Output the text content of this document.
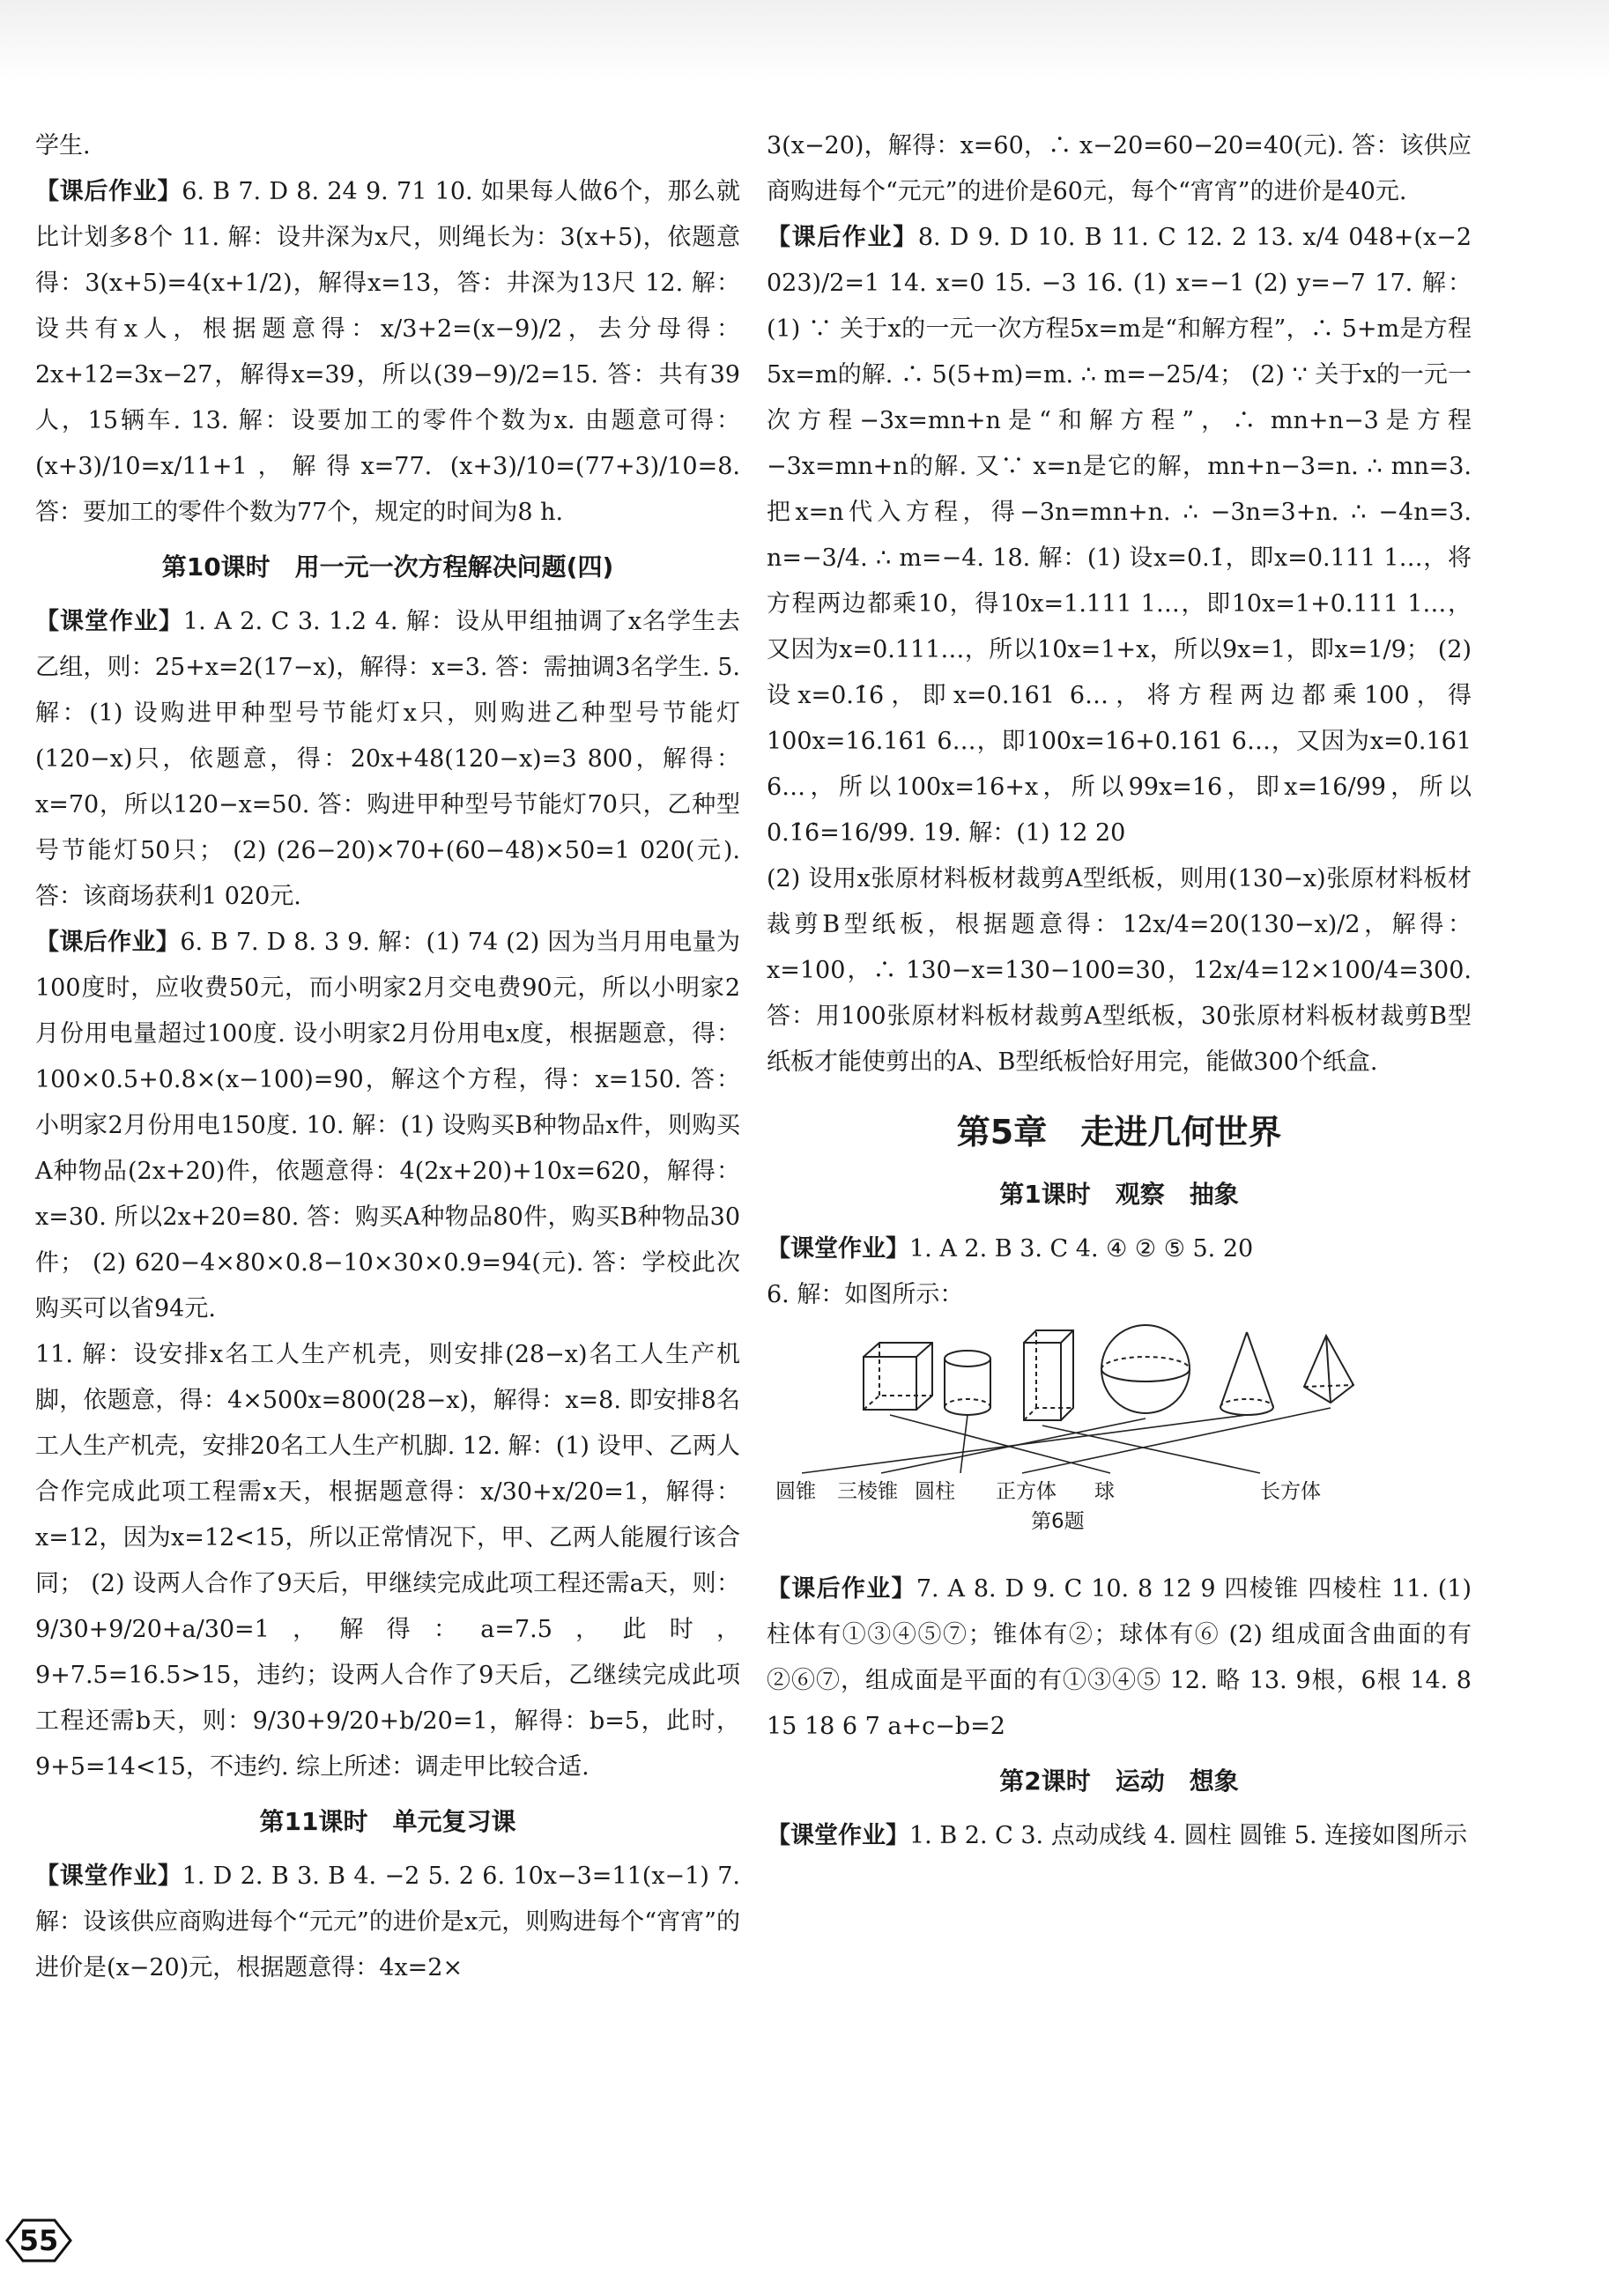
学生.

【课后作业】6. B 7. D 8. 24 9. 71 10. 如果每人做6个，那么就比计划多8个 11. 解：设井深为x尺，则绳长为：3(x+5)，依题意得：3(x+5)=4(x+1/2)，解得x=13，答：井深为13尺 12. 解：设共有x人，根据题意得：x/3+2=(x−9)/2，去分母得：2x+12=3x−27，解得x=39，所以(39−9)/2=15. 答：共有39人，15辆车. 13. 解：设要加工的零件个数为x. 由题意可得：(x+3)/10=x/11+1，解得x=77. (x+3)/10=(77+3)/10=8. 答：要加工的零件个数为77个，规定的时间为8 h.

第10课时　用一元一次方程解决问题(四)

【课堂作业】1. A 2. C 3. 1.2 4. 解：设从甲组抽调了x名学生去乙组，则：25+x=2(17−x)，解得：x=3. 答：需抽调3名学生. 5. 解：(1) 设购进甲种型号节能灯x只，则购进乙种型号节能灯(120−x)只，依题意，得：20x+48(120−x)=3 800，解得：x=70，所以120−x=50. 答：购进甲种型号节能灯70只，乙种型号节能灯50只； (2) (26−20)×70+(60−48)×50=1 020(元). 答：该商场获利1 020元.

【课后作业】6. B 7. D 8. 3 9. 解：(1) 74 (2) 因为当月用电量为100度时，应收费50元，而小明家2月交电费90元，所以小明家2月份用电量超过100度. 设小明家2月份用电x度，根据题意，得：100×0.5+0.8×(x−100)=90，解这个方程，得：x=150. 答：小明家2月份用电150度. 10. 解：(1) 设购买B种物品x件，则购买A种物品(2x+20)件，依题意得：4(2x+20)+10x=620，解得：x=30. 所以2x+20=80. 答：购买A种物品80件，购买B种物品30件； (2) 620−4×80×0.8−10×30×0.9=94(元). 答：学校此次购买可以省94元.

11. 解：设安排x名工人生产机壳，则安排(28−x)名工人生产机脚，依题意，得：4×500x=800(28−x)，解得：x=8. 即安排8名工人生产机壳，安排20名工人生产机脚. 12. 解：(1) 设甲、乙两人合作完成此项工程需x天，根据题意得：x/30+x/20=1，解得：x=12，因为x=12<15，所以正常情况下，甲、乙两人能履行该合同； (2) 设两人合作了9天后，甲继续完成此项工程还需a天，则：9/30+9/20+a/30=1，解得：a=7.5，此时，9+7.5=16.5>15，违约；设两人合作了9天后，乙继续完成此项工程还需b天，则：9/30+9/20+b/20=1，解得：b=5，此时，9+5=14<15，不违约. 综上所述：调走甲比较合适.

第11课时　单元复习课

【课堂作业】1. D 2. B 3. B 4. −2 5. 2 6. 10x−3=11(x−1) 7. 解：设该供应商购进每个“元元”的进价是x元，则购进每个“宵宵”的进价是(x−20)元，根据题意得：4x=2×

3(x−20)，解得：x=60，∴ x−20=60−20=40(元). 答：该供应商购进每个“元元”的进价是60元，每个“宵宵”的进价是40元.

【课后作业】8. D 9. D 10. B 11. C 12. 2 13. x/4 048+(x−2 023)/2=1 14. x=0 15. −3 16. (1) x=−1 (2) y=−7 17. 解：(1) ∵ 关于x的一元一次方程5x=m是“和解方程”，∴ 5+m是方程5x=m的解. ∴ 5(5+m)=m. ∴ m=−25/4； (2) ∵ 关于x的一元一次方程−3x=mn+n是“和解方程”，∴ mn+n−3是方程−3x=mn+n的解. 又∵ x=n是它的解，mn+n−3=n. ∴ mn=3. 把x=n代入方程，得−3n=mn+n. ∴ −3n=3+n. ∴ −4n=3. n=−3/4. ∴ m=−4. 18. 解：(1) 设x=0.1̇，即x=0.111 1…，将方程两边都乘10，得10x=1.111 1…，即10x=1+0.111 1…，又因为x=0.111…，所以10x=1+x，所以9x=1，即x=1/9； (2) 设x=0.1̇6̇，即x=0.161 6…，将方程两边都乘100，得100x=16.161 6…，即100x=16+0.161 6…，又因为x=0.161 6…，所以100x=16+x，所以99x=16，即x=16/99，所以0.1̇6̇=16/99. 19. 解：(1) 12 20

(2) 设用x张原材料板材裁剪A型纸板，则用(130−x)张原材料板材裁剪B型纸板，根据题意得：12x/4=20(130−x)/2，解得：x=100，∴ 130−x=130−100=30，12x/4=12×100/4=300. 答：用100张原材料板材裁剪A型纸板，30张原材料板材裁剪B型纸板才能使剪出的A、B型纸板恰好用完，能做300个纸盒.

第5章　走进几何世界
第1课时　观察　抽象

【课堂作业】1. A 2. B 3. C 4. ④ ② ⑤ 5. 20

6. 解：如图所示：

圆锥 三棱锥 圆柱 正方体 球	长方体
第6题

【课后作业】7. A 8. D 9. C 10. 8 12 9 四棱锥 四棱柱 11. (1) 柱体有①③④⑤⑦；锥体有②；球体有⑥ (2) 组成面含曲面的有②⑥⑦，组成面是平面的有①③④⑤ 12. 略 13. 9根，6根 14. 8 15 18 6 7 a+c−b=2

第2课时　运动　想象

【课堂作业】1. B 2. C 3. 点动成线 4. 圆柱 圆锥 5. 连接如图所示

55
